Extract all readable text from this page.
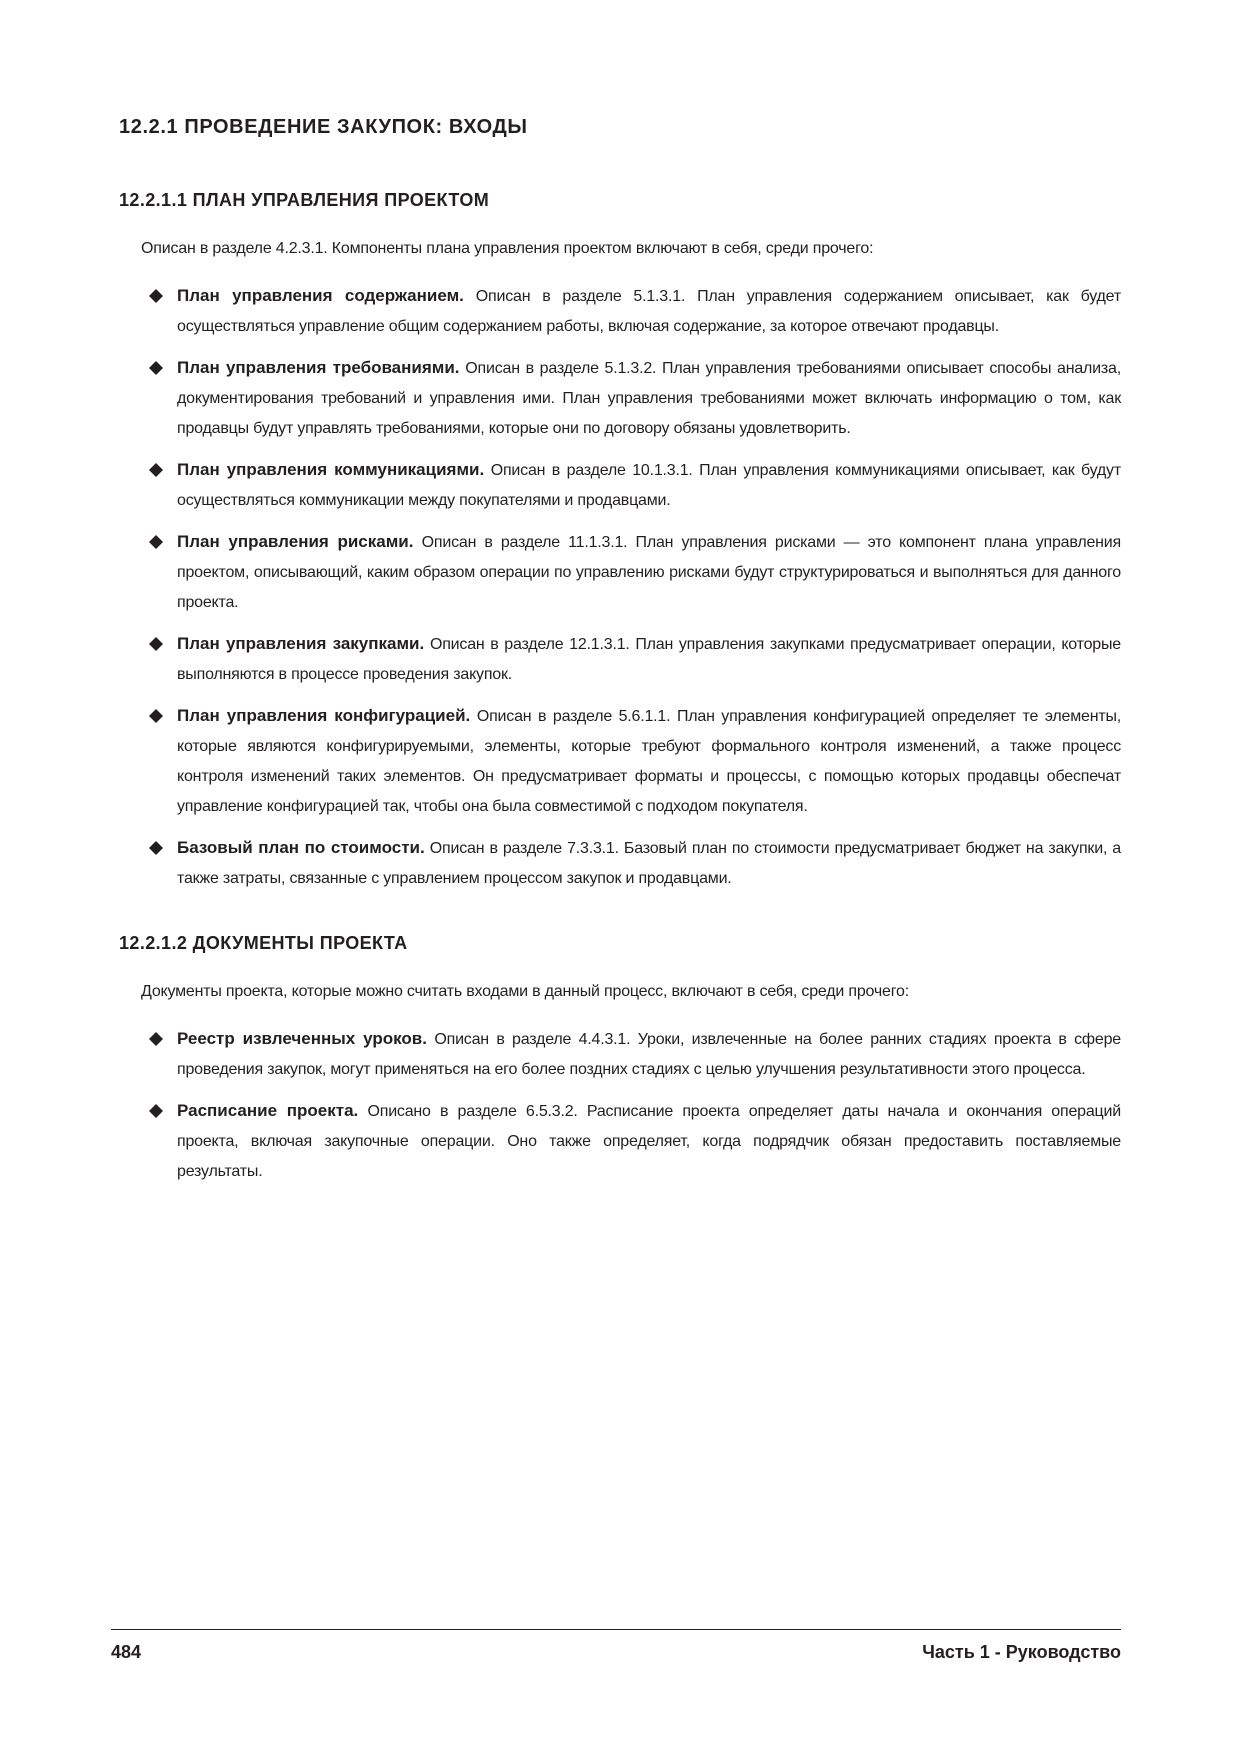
12.2.1 ПРОВЕДЕНИЕ ЗАКУПОК: ВХОДЫ
12.2.1.1 ПЛАН УПРАВЛЕНИЯ ПРОЕКТОМ

Описан в разделе 4.2.3.1. Компоненты плана управления проектом включают в себя, среди прочего:

План управления содержанием. Описан в разделе 5.1.3.1. План управления содержанием описывает, как будет осуществляться управление общим содержанием работы, включая содержание, за которое отвечают продавцы.
План управления требованиями. Описан в разделе 5.1.3.2. План управления требованиями описывает способы анализа, документирования требований и управления ими. План управления требованиями может включать информацию о том, как продавцы будут управлять требованиями, которые они по договору обязаны удовлетворить.
План управления коммуникациями. Описан в разделе 10.1.3.1. План управления коммуникациями описывает, как будут осуществляться коммуникации между покупателями и продавцами.
План управления рисками. Описан в разделе 11.1.3.1. План управления рисками — это компонент плана управления проектом, описывающий, каким образом операции по управлению рисками будут структурироваться и выполняться для данного проекта.
План управления закупками. Описан в разделе 12.1.3.1. План управления закупками предусматривает операции, которые выполняются в процессе проведения закупок.
План управления конфигурацией. Описан в разделе 5.6.1.1. План управления конфигурацией определяет те элементы, которые являются конфигурируемыми, элементы, которые требуют формального контроля изменений, а также процесс контроля изменений таких элементов. Он предусматривает форматы и процессы, с помощью которых продавцы обеспечат управление конфигурацией так, чтобы она была совместимой с подходом покупателя.
Базовый план по стоимости. Описан в разделе 7.3.3.1. Базовый план по стоимости предусматривает бюджет на закупки, а также затраты, связанные с управлением процессом закупок и продавцами.
12.2.1.2 ДОКУМЕНТЫ ПРОЕКТА

Документы проекта, которые можно считать входами в данный процесс, включают в себя, среди прочего:

Реестр извлеченных уроков. Описан в разделе 4.4.3.1. Уроки, извлеченные на более ранних стадиях проекта в сфере проведения закупок, могут применяться на его более поздних стадиях с целью улучшения результативности этого процесса.
Расписание проекта. Описано в разделе 6.5.3.2. Расписание проекта определяет даты начала и окончания операций проекта, включая закупочные операции. Оно также определяет, когда подрядчик обязан предоставить поставляемые результаты.

484	Часть 1 - Руководство
